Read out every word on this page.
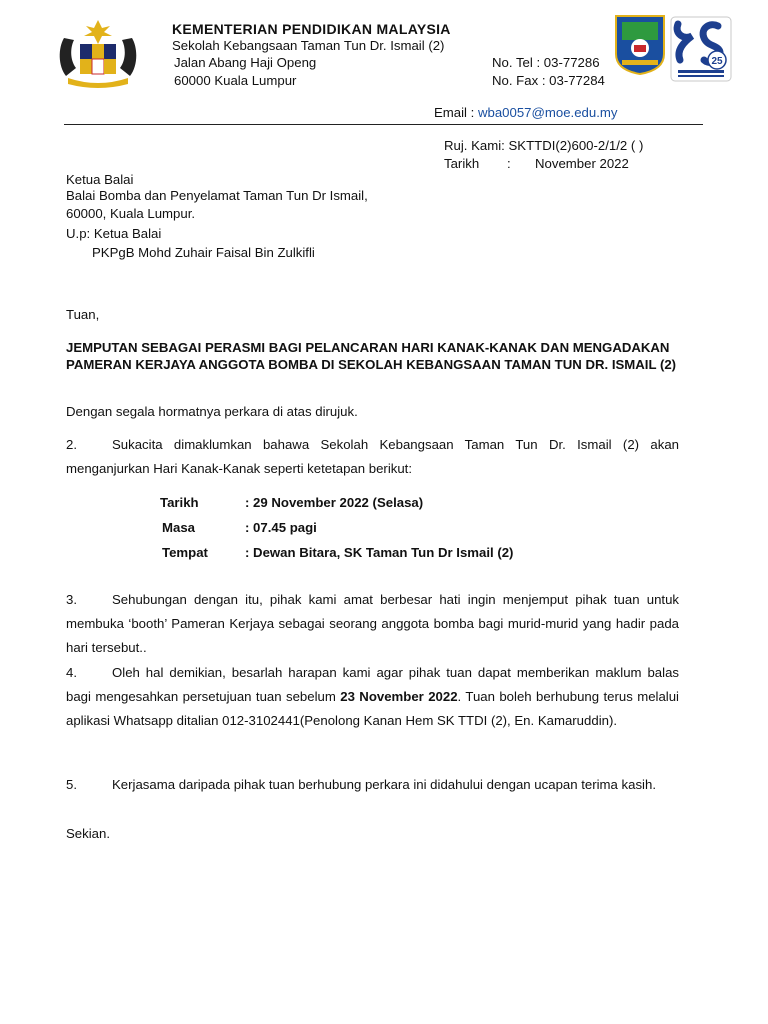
25
KEMENTERIAN PENDIDIKAN MALAYSIA
Sekolah Kebangsaan Taman Tun Dr. Ismail (2)
Jalan Abang Haji Openg
60000 Kuala Lumpur
No. Tel : 03-77286
No. Fax : 03-77284
Email : wba0057@moe.edu.my
Ruj. Kami: SKTTDI(2)600-2/1/2 ( )
Tarikh : November 2022
Ketua Balai
Balai Bomba dan Penyelamat Taman Tun Dr Ismail,
60000, Kuala Lumpur.
U.p: Ketua Balai
PKPgB Mohd Zuhair Faisal Bin Zulkifli
Tuan,
JEMPUTAN SEBAGAI PERASMI BAGI PELANCARAN HARI KANAK-KANAK DAN MENGADAKAN PAMERAN KERJAYA ANGGOTA BOMBA DI SEKOLAH KEBANGSAAN TAMAN TUN DR. ISMAIL (2)
Dengan segala hormatnya perkara di atas dirujuk.
2.	Sukacita dimaklumkan bahawa Sekolah Kebangsaan Taman Tun Dr. Ismail (2) akan menganjurkan Hari Kanak-Kanak seperti ketetapan berikut:
Tarikh	: 29 November 2022 (Selasa)
Masa	: 07.45 pagi
Tempat	: Dewan Bitara, SK Taman Tun Dr Ismail (2)
3.	Sehubungan dengan itu, pihak kami amat berbesar hati ingin menjemput pihak tuan untuk membuka ‘booth’ Pameran Kerjaya sebagai seorang anggota bomba bagi murid-murid yang hadir pada hari tersebut..
4.	Oleh hal demikian, besarlah harapan kami agar pihak tuan dapat memberikan maklum balas bagi mengesahkan persetujuan tuan sebelum 23 November 2022. Tuan boleh berhubung terus melalui aplikasi Whatsapp ditalian 012-3102441(Penolong Kanan Hem SK TTDI (2), En. Kamaruddin).
5.	Kerjasama daripada pihak tuan berhubung perkara ini didahului dengan ucapan terima kasih.
Sekian.
